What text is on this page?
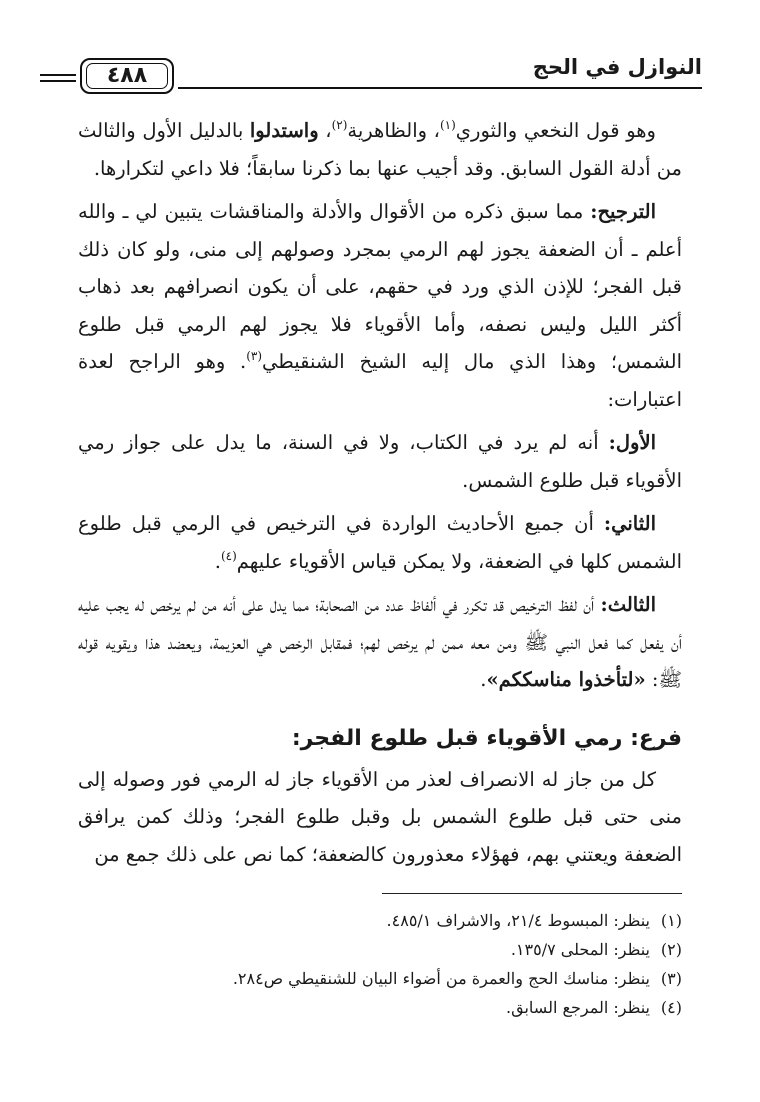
النوازل في الحج
٤٨٨

وهو قول النخعي والثوري$^{(١)}$، والظاهرية$^{(٢)}$، واستدلوا بالدليل الأول والثالث من أدلة القول السابق. وقد أجيب عنها بما ذكرنا سابقاً؛ فلا داعي لتكرارها.

الترجيح: مما سبق ذكره من الأقوال والأدلة والمناقشات يتبين لي ـ والله أعلم ـ أن الضعفة يجوز لهم الرمي بمجرد وصولهم إلى منى، ولو كان ذلك قبل الفجر؛ للإذن الذي ورد في حقهم، على أن يكون انصرافهم بعد ذهاب أكثر الليل وليس نصفه، وأما الأقوياء فلا يجوز لهم الرمي قبل طلوع الشمس؛ وهذا الذي مال إليه الشيخ الشنقيطي$^{(٣)}$. وهو الراجح لعدة اعتبارات:

الأول: أنه لم يرد في الكتاب، ولا في السنة، ما يدل على جواز رمي الأقوياء قبل طلوع الشمس.

الثاني: أن جميع الأحاديث الواردة في الترخيص في الرمي قبل طلوع الشمس كلها في الضعفة، ولا يمكن قياس الأقوياء عليهم$^{(٤)}$.

الثالث: أن لفظ الترخيص قد تكرر في ألفاظ عدد من الصحابة؛ مما يدل على أنه من لم يرخص له يجب عليه أن يفعل كما فعل النبي ﷺ ومن معه ممن لم يرخص لهم؛ فمقابل الرخص هي العزيمة، ويعضد هذا ويقويه قوله ﷺ: «لتأخذوا مناسككم».

فرع: رمي الأقوياء قبل طلوع الفجر:

كل من جاز له الانصراف لعذر من الأقوياء جاز له الرمي فور وصوله إلى منى حتى قبل طلوع الشمس بل وقبل طلوع الفجر؛ وذلك كمن يرافق الضعفة ويعتني بهم، فهؤلاء معذورون كالضعفة؛ كما نص على ذلك جمع من

(١)ينظر: المبسوط ٢١/٤، والاشراف ٤٨٥/١.

(٢)ينظر: المحلى ١٣٥/٧.

(٣)ينظر: مناسك الحج والعمرة من أضواء البيان للشنقيطي ص٢٨٤.

(٤)ينظر: المرجع السابق.
